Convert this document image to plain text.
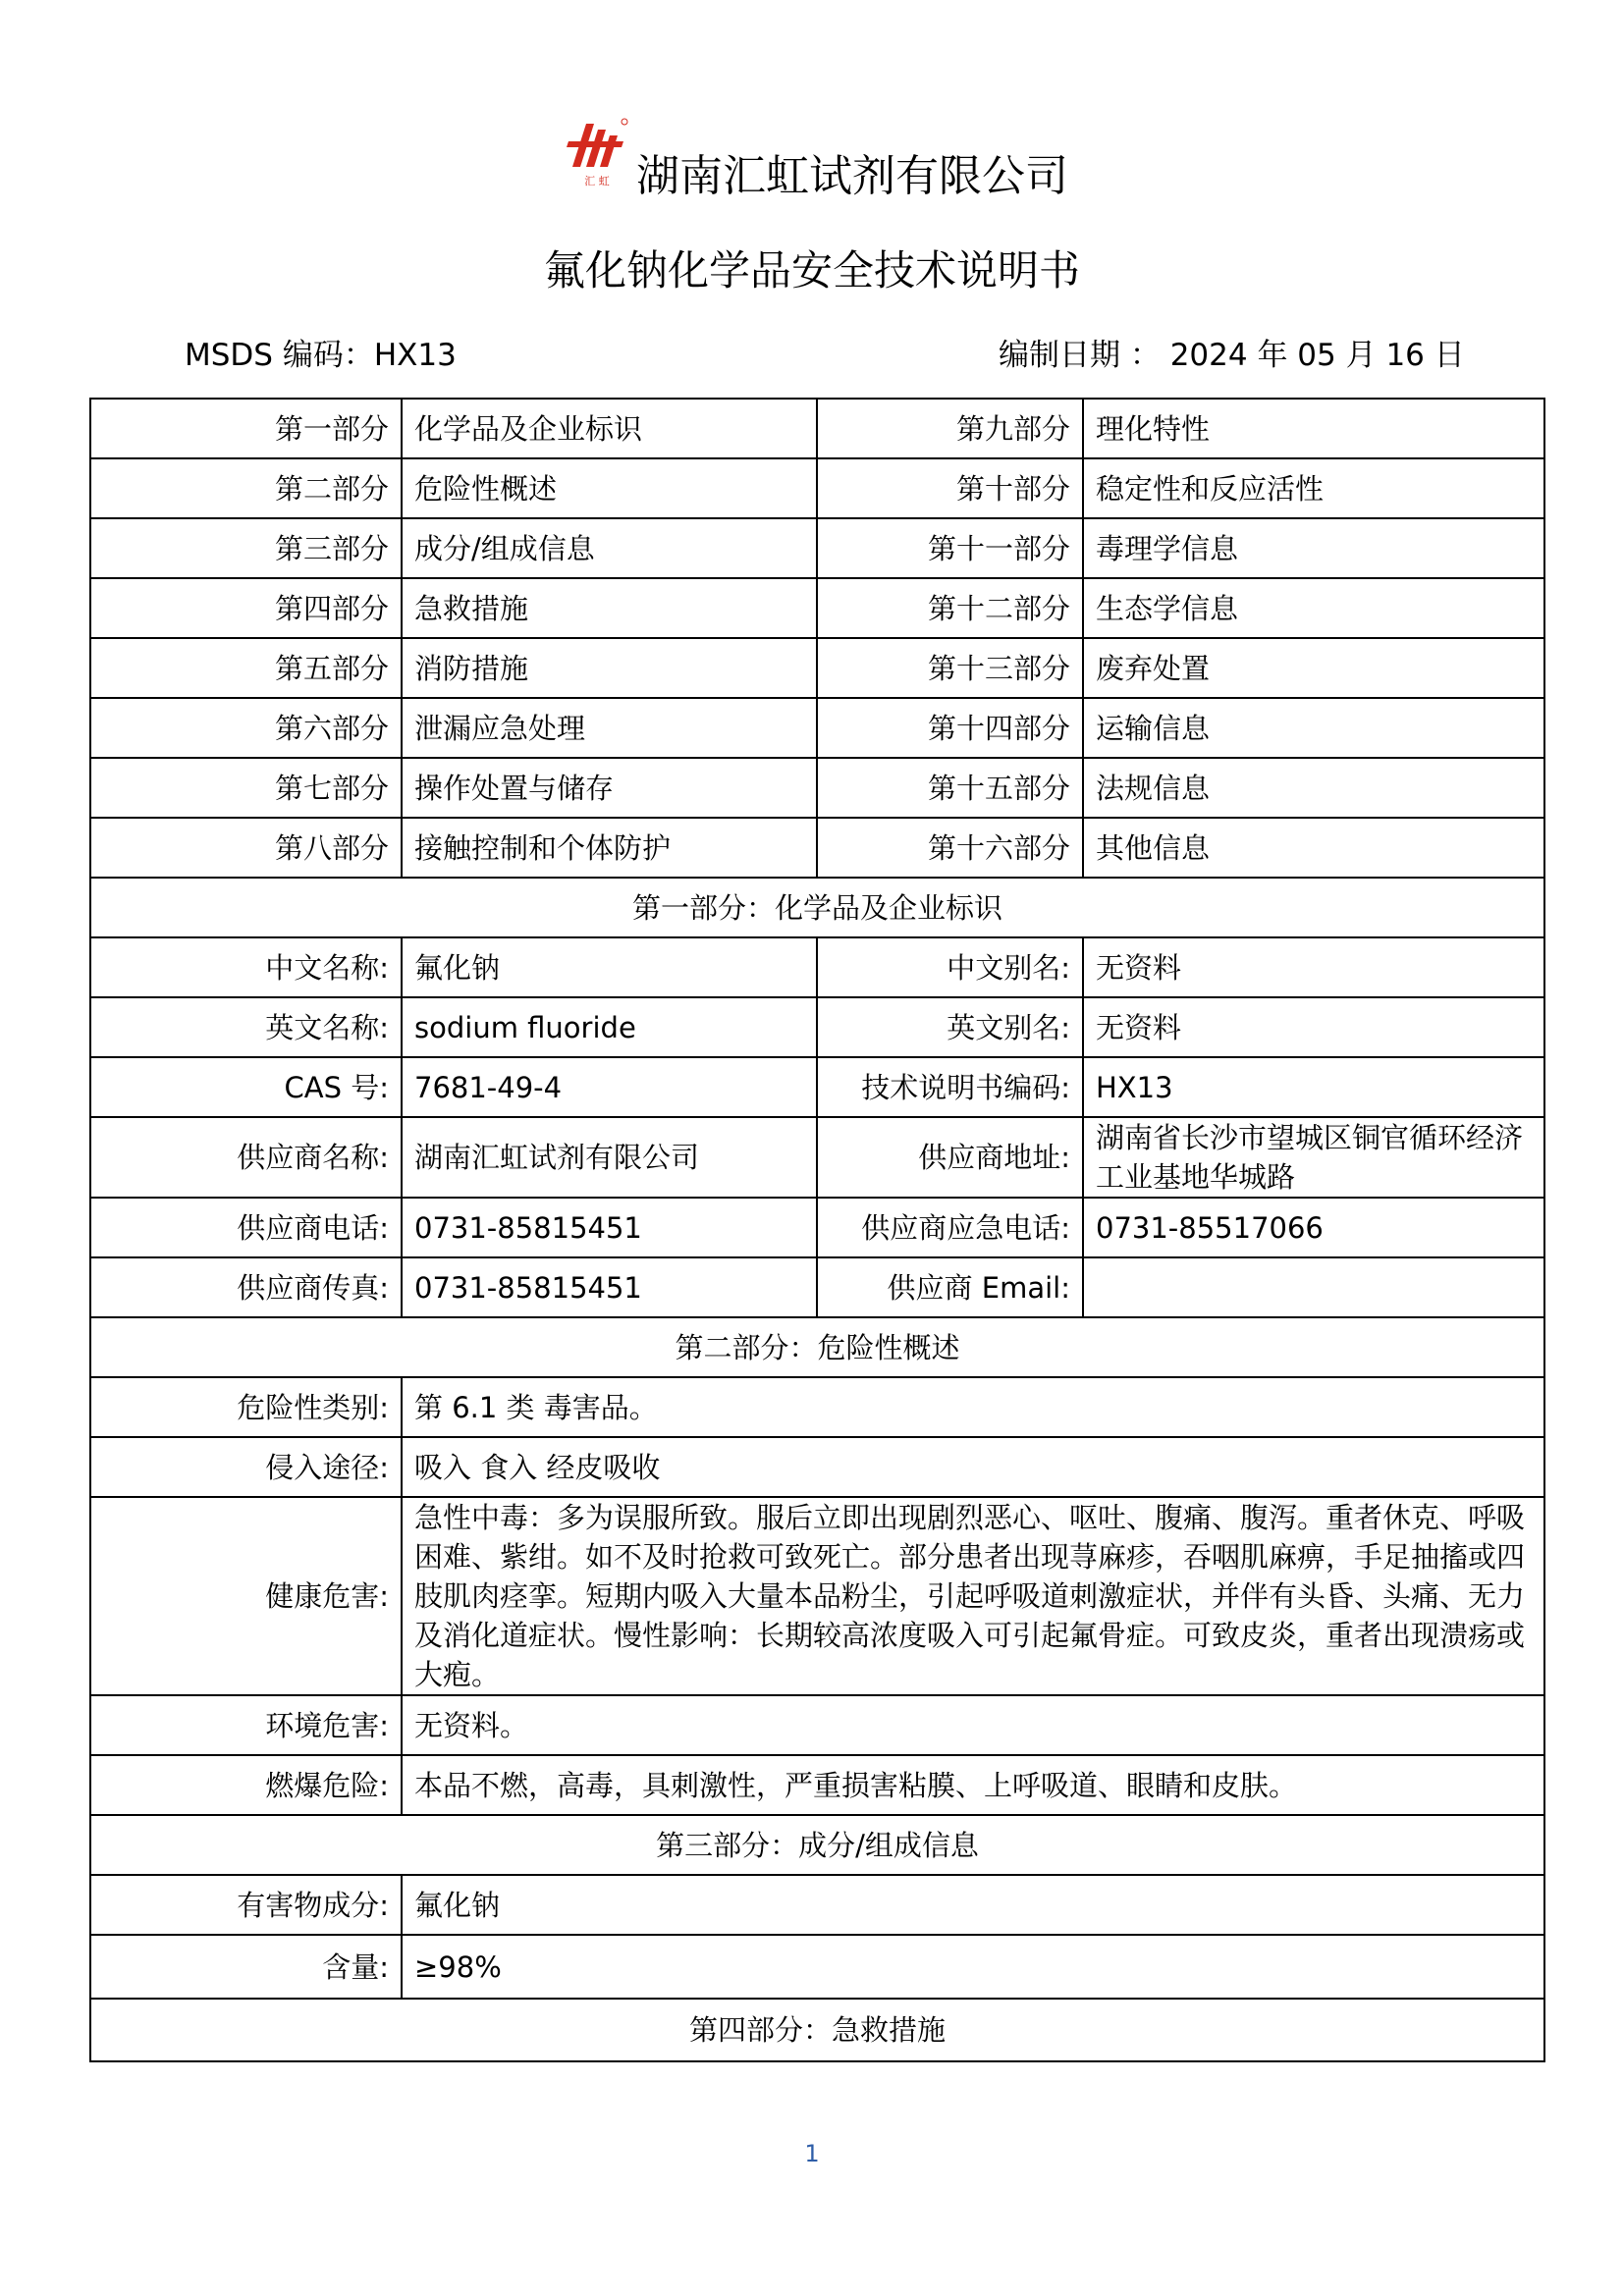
汇 虹 湖南汇虹试剂有限公司
氟化钠化学品安全技术说明书
MSDS 编码：HX13	编制日期 ： 2024 年 05 月 16 日
第一部分	化学品及企业标识	第九部分	理化特性
第二部分	危险性概述	第十部分	稳定性和反应活性
第三部分	成分/组成信息	第十一部分	毒理学信息
第四部分	急救措施	第十二部分	生态学信息
第五部分	消防措施	第十三部分	废弃处置
第六部分	泄漏应急处理	第十四部分	运输信息
第七部分	操作处置与储存	第十五部分	法规信息
第八部分	接触控制和个体防护	第十六部分	其他信息
第一部分：化学品及企业标识			
中文名称:	氟化钠	中文别名:	无资料
英文名称:	sodium fluoride	英文别名:	无资料
CAS 号:	7681-49-4	技术说明书编码:	HX13
供应商名称:	湖南汇虹试剂有限公司	供应商地址:	湖南省长沙市望城区铜官循环经济工业基地华城路
供应商电话:	0731-85815451	供应商应急电话:	0731-85517066
供应商传真:	0731-85815451	供应商 Email:	
第二部分：危险性概述			
危险性类别:	第 6.1 类 毒害品。		
侵入途径:	吸入 食入 经皮吸收		
健康危害:	急性中毒：多为误服所致。服后立即出现剧烈恶心、呕吐、腹痛、腹泻。重者休克、呼吸困难、紫绀。如不及时抢救可致死亡。部分患者出现荨麻疹，吞咽肌麻痹，手足抽搐或四肢肌肉痉挛。短期内吸入大量本品粉尘，引起呼吸道刺激症状，并伴有头昏、头痛、无力及消化道症状。慢性影响：长期较高浓度吸入可引起氟骨症。可致皮炎，重者出现溃疡或大疱。		
环境危害:	无资料。		
燃爆危险:	本品不燃，高毒，具刺激性，严重损害粘膜、上呼吸道、眼睛和皮肤。		
第三部分：成分/组成信息			
有害物成分:	氟化钠		
含量:	≥98%		
第四部分：急救措施			
1
